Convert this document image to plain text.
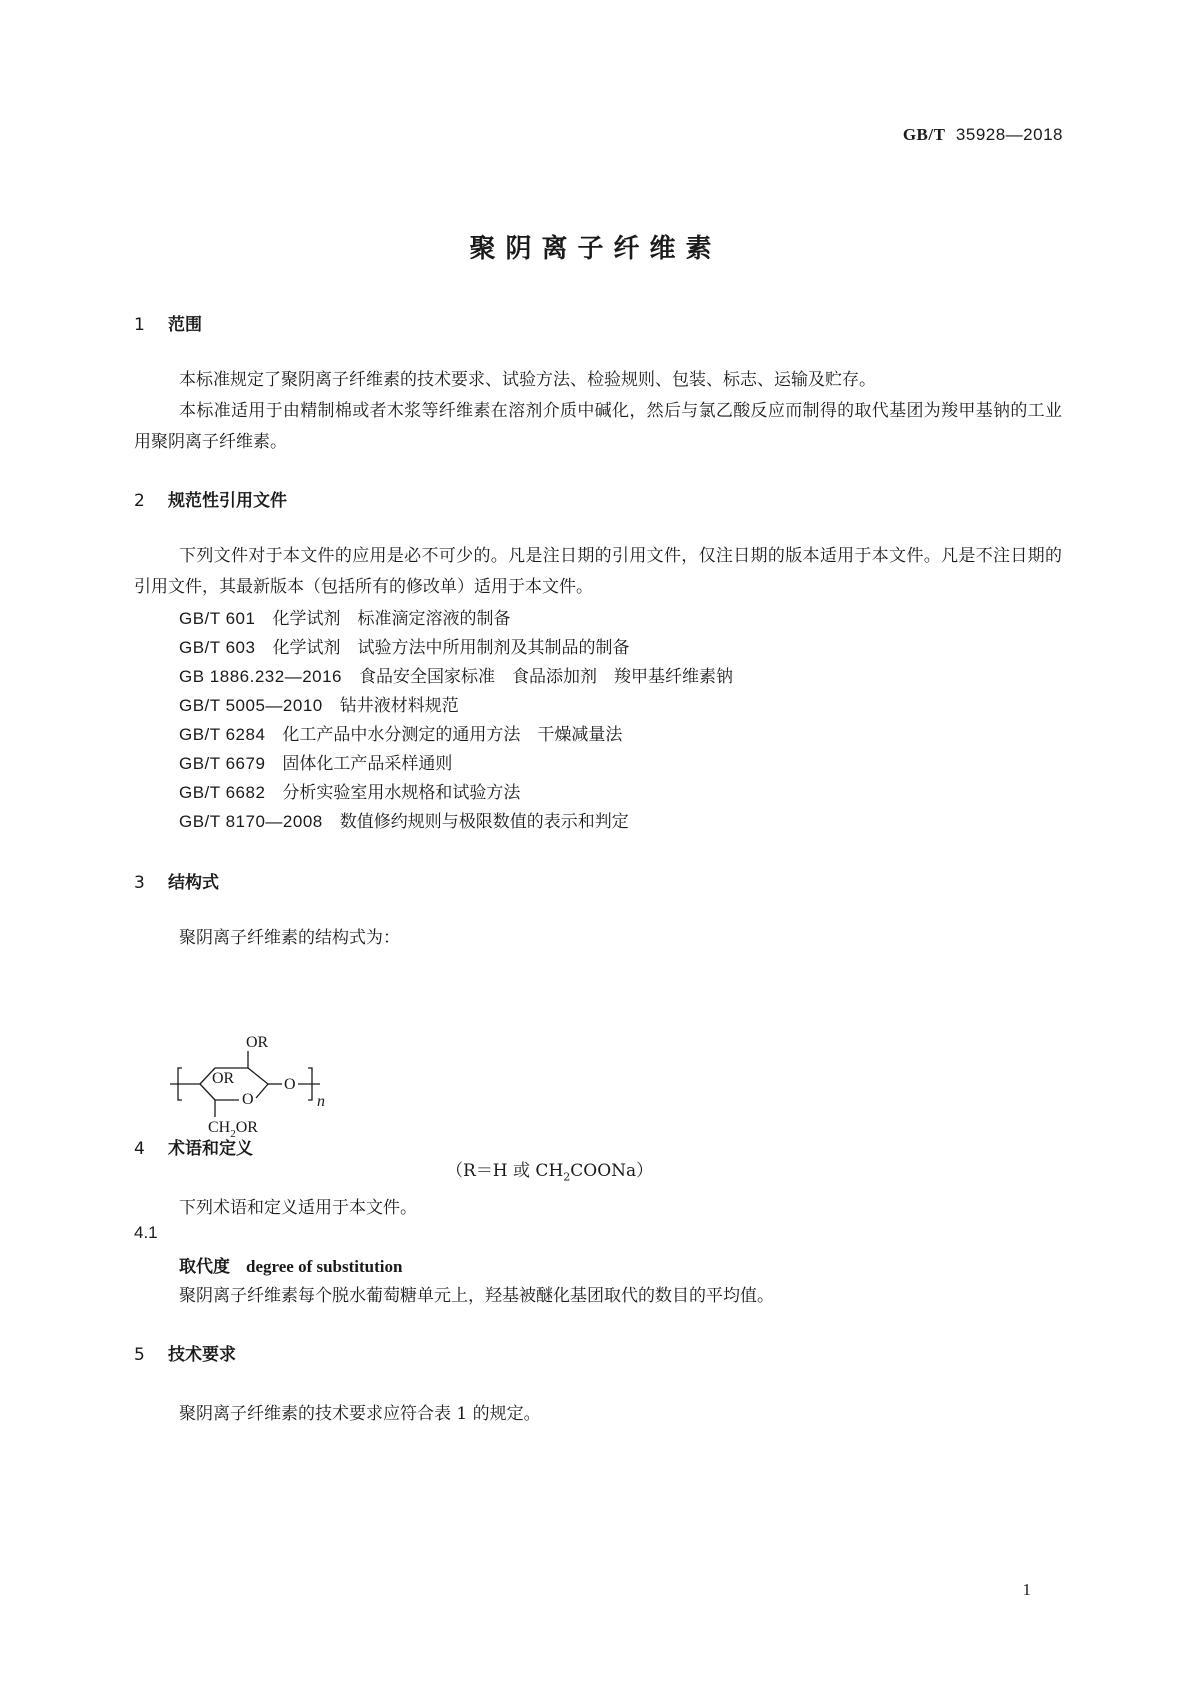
GB/T 35928—2018
聚阴离子纤维素
1 范围
本标准规定了聚阴离子纤维素的技术要求、试验方法、检验规则、包装、标志、运输及贮存。
本标准适用于由精制棉或者木浆等纤维素在溶剂介质中碱化，然后与氯乙酸反应而制得的取代基团为羧甲基钠的工业用聚阴离子纤维素。
2 规范性引用文件
下列文件对于本文件的应用是必不可少的。凡是注日期的引用文件，仅注日期的版本适用于本文件。凡是不注日期的引用文件，其最新版本（包括所有的修改单）适用于本文件。
GB/T 601　 化学试剂　标准滴定溶液的制备
GB/T 603　 化学试剂　试验方法中所用制剂及其制品的制备
GB 1886.232—2016　 食品安全国家标准　食品添加剂　羧甲基纤维素钠
GB/T 5005—2010　 钻井液材料规范
GB/T 6284　 化工产品中水分测定的通用方法　干燥减量法
GB/T 6679　 固体化工产品采样通则
GB/T 6682　 分析实验室用水规格和试验方法
GB/T 8170—2008　 数值修约规则与极限数值的表示和判定
3 结构式
聚阴离子纤维素的结构式为：
OR
OR
O
O
n
$CH_2OR$
（R＝H 或 $CH_2COONa$）
4 术语和定义
下列术语和定义适用于本文件。
4.1
取代度 degree of substitution
聚阴离子纤维素每个脱水葡萄糖单元上，羟基被醚化基团取代的数目的平均值。
5 技术要求
聚阴离子纤维素的技术要求应符合表 1 的规定。
1
